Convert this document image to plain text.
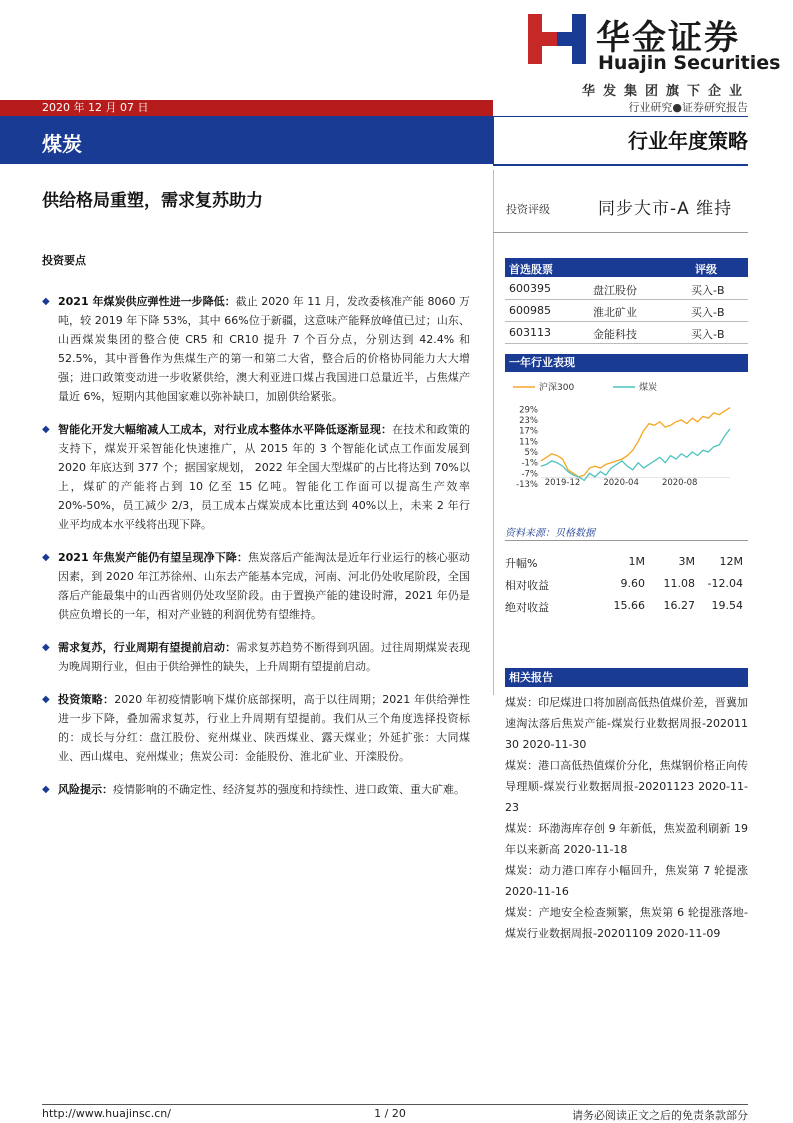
华金证券
Huajin Securities
华发集团旗下企业
2020 年 12 月 07 日	行业研究●证券研究报告
煤炭	行业年度策略
供给格局重塑，需求复苏助力	投资评级	同步大市-A 维持
投资要点
◆ 2021 年煤炭供应弹性进一步降低：截止 2020 年 11 月，发改委核准产能 8060 万吨，较 2019 年下降 53%，其中 66%位于新疆，这意味产能释放峰值已过；山东、山西煤炭集团的整合使 CR5 和 CR10 提升 7 个百分点，分别达到 42.4% 和 52.5%，其中晋鲁作为焦煤生产的第一和第二大省，整合后的价格协同能力大大增强；进口政策变动进一步收紧供给，澳大利亚进口煤占我国进口总量近半，占焦煤产量近 6%，短期内其他国家难以弥补缺口，加剧供给紧张。
◆ 智能化开发大幅缩减人工成本，对行业成本整体水平降低逐渐显现：在技术和政策的支持下，煤炭开采智能化快速推广，从 2015 年的 3 个智能化试点工作面发展到 2020 年底达到 377 个；据国家规划， 2022 年全国大型煤矿的占比将达到 70%以上，煤矿的产能将占到 10 亿至 15 亿吨。智能化工作面可以提高生产效率 20%-50%，员工减少 2/3，员工成本占煤炭成本比重达到 40%以上，未来 2 年行业平均成本水平线将出现下降。
◆ 2021 年焦炭产能仍有望呈现净下降：焦炭落后产能淘汰是近年行业运行的核心驱动因素，到 2020 年江苏徐州、山东去产能基本完成，河南、河北仍处收尾阶段，全国落后产能最集中的山西省则仍处攻坚阶段。由于置换产能的建设时滞，2021 年仍是供应负增长的一年，相对产业链的利润优势有望维持。
◆ 需求复苏，行业周期有望提前启动：需求复苏趋势不断得到巩固。过往周期煤炭表现为晚周期行业，但由于供给弹性的缺失，上升周期有望提前启动。
◆ 投资策略：2020 年初疫情影响下煤价底部探明，高于以往周期；2021 年供给弹性进一步下降，叠加需求复苏，行业上升周期有望提前。我们从三个角度选择投资标的：成长与分红：盘江股份、兖州煤业、陕西煤业、露天煤业；外延扩张：大同煤业、西山煤电、兖州煤业；焦炭公司：金能股份、淮北矿业、开滦股份。
◆ 风险提示：疫情影响的不确定性、经济复苏的强度和持续性、进口政策、重大矿难。
首选股票	评级
600395	盘江股份	买入-B
600985	淮北矿业	买入-B
603113	金能科技	买入-B
一年行业表现
沪深300	煤炭
29%
23%
17%
11%
5%
-1%
-7%
-13% 2019-12	2020-04	2020-08
资料来源：贝格数据
升幅%	1M	3M	12M
相对收益	9.60	11.08	-12.04
绝对收益	15.66	16.27	19.54
相关报告
煤炭：印尼煤进口将加剧高低热值煤价差，晋冀加速淘汰落后焦炭产能-煤炭行业数据周报-20201130 2020-11-30
煤炭：港口高低热值煤价分化，焦煤钢价格正向传导理顺-煤炭行业数据周报-20201123 2020-11-23
煤炭：环渤海库存创 9 年新低，焦炭盈利刷新 19 年以来新高 2020-11-18
煤炭：动力港口库存小幅回升，焦炭第 7 轮提涨 2020-11-16
煤炭：产地安全检查频繁，焦炭第 6 轮提涨落地-煤炭行业数据周报-20201109 2020-11-09
http://www.huajinsc.cn/	1 / 20	请务必阅读正文之后的免责条款部分
